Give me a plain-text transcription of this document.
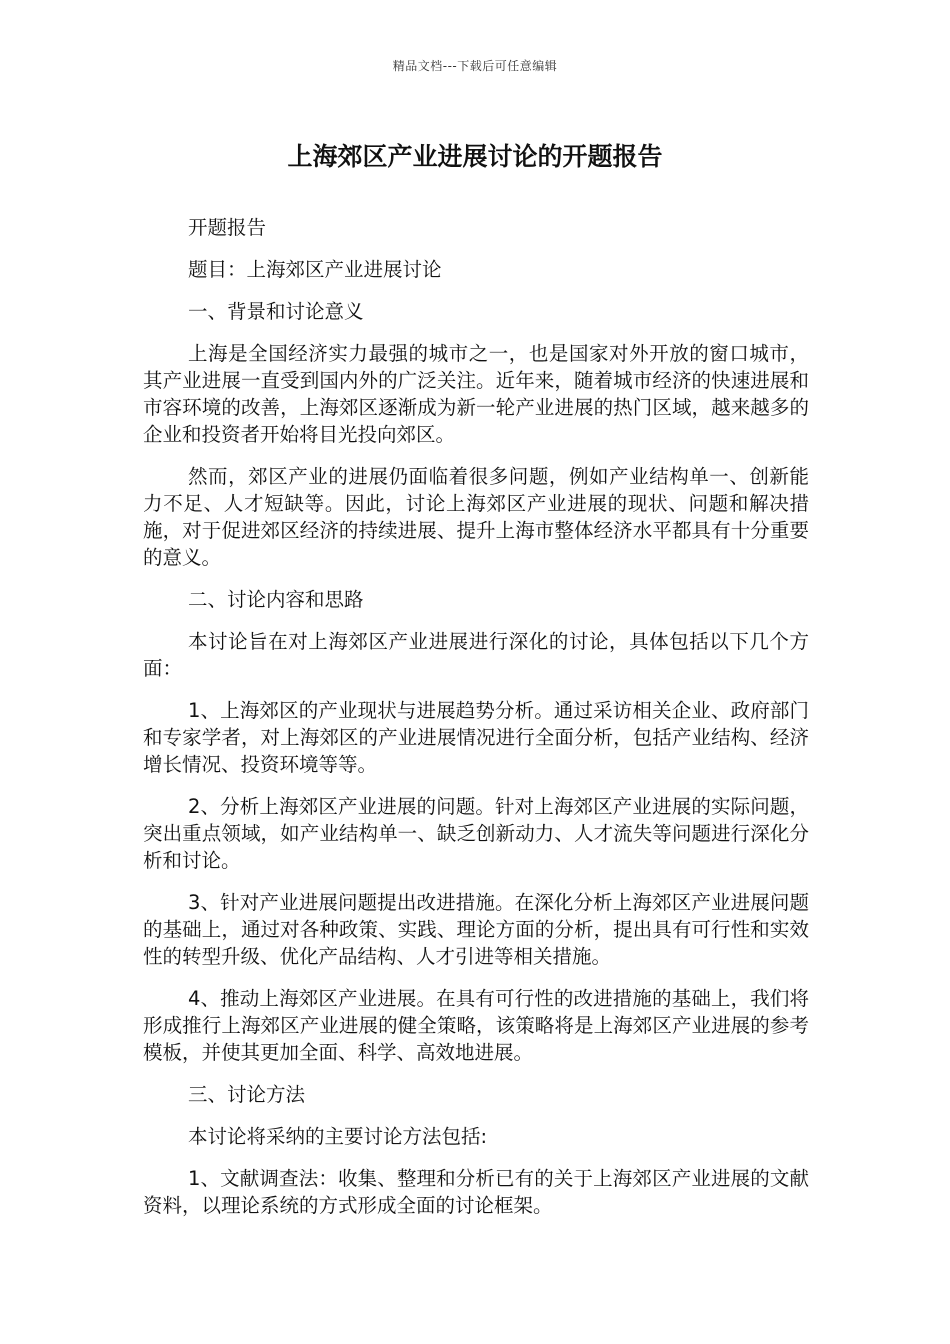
精品文档---下载后可任意编辑
上海郊区产业进展讨论的开题报告

开题报告

题目：上海郊区产业进展讨论

一、背景和讨论意义

上海是全国经济实力最强的城市之一，也是国家对外开放的窗口城市，其产业进展一直受到国内外的广泛关注。近年来，随着城市经济的快速进展和市容环境的改善，上海郊区逐渐成为新一轮产业进展的热门区域，越来越多的企业和投资者开始将目光投向郊区。

然而，郊区产业的进展仍面临着很多问题，例如产业结构单一、创新能力不足、人才短缺等。因此，讨论上海郊区产业进展的现状、问题和解决措施，对于促进郊区经济的持续进展、提升上海市整体经济水平都具有十分重要的意义。

二、讨论内容和思路

本讨论旨在对上海郊区产业进展进行深化的讨论，具体包括以下几个方面：

1、上海郊区的产业现状与进展趋势分析。通过采访相关企业、政府部门和专家学者，对上海郊区的产业进展情况进行全面分析，包括产业结构、经济增长情况、投资环境等等。

2、分析上海郊区产业进展的问题。针对上海郊区产业进展的实际问题，突出重点领域，如产业结构单一、缺乏创新动力、人才流失等问题进行深化分析和讨论。

3、针对产业进展问题提出改进措施。在深化分析上海郊区产业进展问题的基础上，通过对各种政策、实践、理论方面的分析，提出具有可行性和实效性的转型升级、优化产品结构、人才引进等相关措施。

4、推动上海郊区产业进展。在具有可行性的改进措施的基础上，我们将形成推行上海郊区产业进展的健全策略，该策略将是上海郊区产业进展的参考模板，并使其更加全面、科学、高效地进展。

三、讨论方法

本讨论将采纳的主要讨论方法包括:

1、文献调查法：收集、整理和分析已有的关于上海郊区产业进展的文献资料，以理论系统的方式形成全面的讨论框架。
